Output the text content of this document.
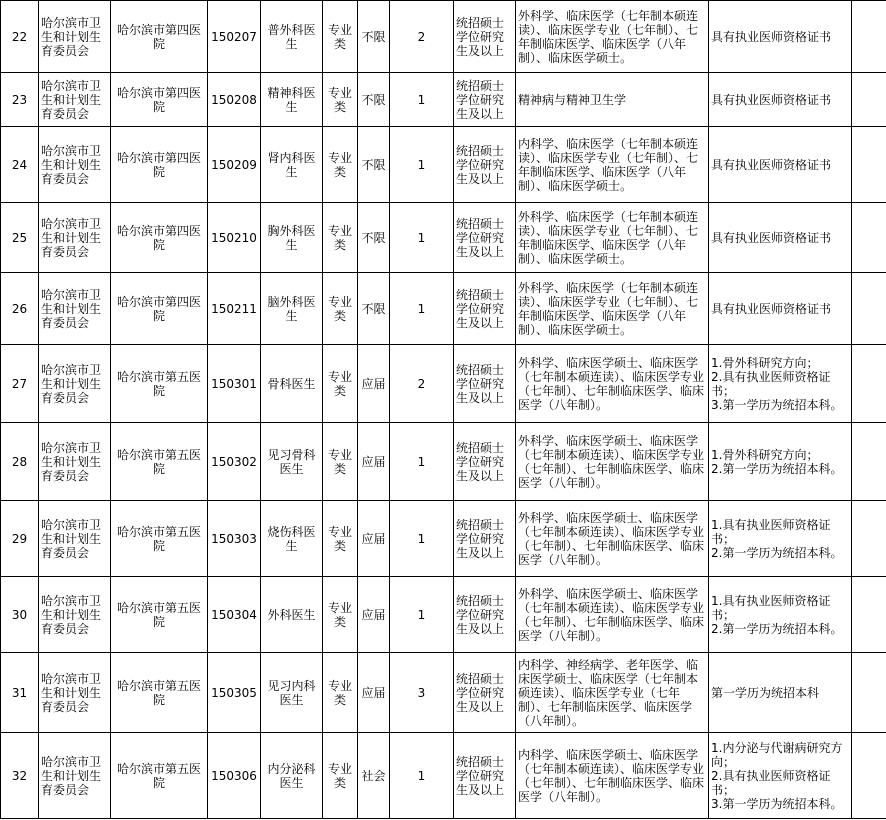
22	哈尔滨市卫生和计划生育委员会	哈尔滨市第四医院	150207	普外科医生	专业类	不限	2	统招硕士学位研究生及以上	外科学、临床医学（七年制本硕连读）、临床医学专业（七年制）、七年制临床医学、临床医学（八年制）、临床医学硕士。	具有执业医师资格证书	
23	哈尔滨市卫生和计划生育委员会	哈尔滨市第四医院	150208	精神科医生	专业类	不限	1	统招硕士学位研究生及以上	精神病与精神卫生学	具有执业医师资格证书	
24	哈尔滨市卫生和计划生育委员会	哈尔滨市第四医院	150209	肾内科医生	专业类	不限	1	统招硕士学位研究生及以上	内科学、临床医学（七年制本硕连读）、临床医学专业（七年制）、七年制临床医学、临床医学（八年制）、临床医学硕士。	具有执业医师资格证书	
25	哈尔滨市卫生和计划生育委员会	哈尔滨市第四医院	150210	胸外科医生	专业类	不限	1	统招硕士学位研究生及以上	外科学、临床医学（七年制本硕连读）、临床医学专业（七年制）、七年制临床医学、临床医学（八年制）、临床医学硕士。	具有执业医师资格证书	
26	哈尔滨市卫生和计划生育委员会	哈尔滨市第四医院	150211	脑外科医生	专业类	不限	1	统招硕士学位研究生及以上	外科学、临床医学（七年制本硕连读）、临床医学专业（七年制）、七年制临床医学、临床医学（八年制）、临床医学硕士。	具有执业医师资格证书	
27	哈尔滨市卫生和计划生育委员会	哈尔滨市第五医院	150301	骨科医生	专业类	应届	2	统招硕士学位研究生及以上	外科学、临床医学硕士、临床医学（七年制本硕连读）、临床医学专业（七年制）、七年制临床医学、临床医学（八年制）。	1.骨外科研究方向；
2.具有执业医师资格证书；
3.第一学历为统招本科。	
28	哈尔滨市卫生和计划生育委员会	哈尔滨市第五医院	150302	见习骨科医生	专业类	应届	1	统招硕士学位研究生及以上	外科学、临床医学硕士、临床医学（七年制本硕连读）、临床医学专业（七年制）、七年制临床医学、临床医学（八年制）。	1.骨外科研究方向；
2.第一学历为统招本科。	
29	哈尔滨市卫生和计划生育委员会	哈尔滨市第五医院	150303	烧伤科医生	专业类	应届	1	统招硕士学位研究生及以上	外科学、临床医学硕士、临床医学（七年制本硕连读）、临床医学专业（七年制）、七年制临床医学、临床医学（八年制）。	1.具有执业医师资格证书；
2.第一学历为统招本科。	
30	哈尔滨市卫生和计划生育委员会	哈尔滨市第五医院	150304	外科医生	专业类	应届	1	统招硕士学位研究生及以上	外科学、临床医学硕士、临床医学（七年制本硕连读）、临床医学专业（七年制）、七年制临床医学、临床医学（八年制）。	1.具有执业医师资格证书；
2.第一学历为统招本科。	
31	哈尔滨市卫生和计划生育委员会	哈尔滨市第五医院	150305	见习内科医生	专业类	应届	3	统招硕士学位研究生及以上	内科学、神经病学、老年医学、临床医学硕士、临床医学（七年制本硕连读）、临床医学专业（七年制）、七年制临床医学、临床医学（八年制）。	第一学历为统招本科	
32	哈尔滨市卫生和计划生育委员会	哈尔滨市第五医院	150306	内分泌科医生	专业类	社会	1	统招硕士学位研究生及以上	内科学、临床医学硕士、临床医学（七年制本硕连读）、临床医学专业（七年制）、七年制临床医学、临床医学（八年制）。	1.内分泌与代谢病研究方向；
2.具有执业医师资格证书；
3.第一学历为统招本科。	
